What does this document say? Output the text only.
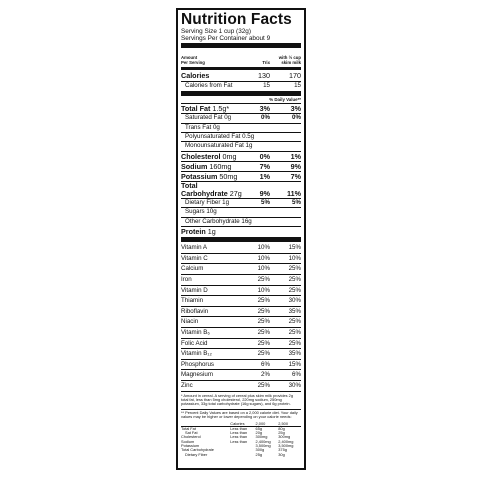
Nutrition Facts
Serving Size 1 cup (32g)
Servings Per Container about 9
Amount
Per Serving	Trix
with ½ cup skim milk
Calories	130	170
Calories from Fat	15	15
% Daily Value**
Total Fat 1.5g*	3%	3%
Saturated Fat 0g	0%	0%
Trans Fat 0g
Polyunsaturated Fat 0.5g
Monounsaturated Fat 1g
Cholesterol 0mg	0%	1%
Sodium 160mg	7%	9%
Potassium 50mg	1%	7%
Total
Carbohydrate 27g 9% 11%
Dietary Fiber 1g	5%	5%
Sugars 10g
Other Carbohydrate 16g
Protein 1g
Vitamin A	10%	15%
Vitamin C	10%	10%
Calcium	10%	25%
Iron	25%	25%
Vitamin D	10%	25%
Thiamin	25%	30%
Riboflavin	25%	35%
Niacin	25%	25%
Vitamin B₆	25%	25%
Folic Acid	25%	25%
Vitamin B₁₂	25%	35%
Phosphorus	6%	15%
Magnesium	2%	6%
Zinc	25%	30%

* Amount in cereal. A serving of cereal plus skim milk provides 2g total fat, less than 5mg cholesterol, 220mg sodium, 250mg potassium, 33g total carbohydrate (16g sugars), and 6g protein.

** Percent Daily Values are based on a 2,000 calorie diet. Your daily values may be higher or lower depending on your calorie needs:

	Calories	2,000	2,500
Total Fat	Less than	65g	80g
Sat Fat	Less than	20g	25g
Cholesterol	Less than	300mg	300mg
Sodium	Less than	2,400mg	2,400mg
Potassium		3,500mg	3,500mg
Total Carbohydrate		300g	375g
Dietary Fiber		25g	30g
